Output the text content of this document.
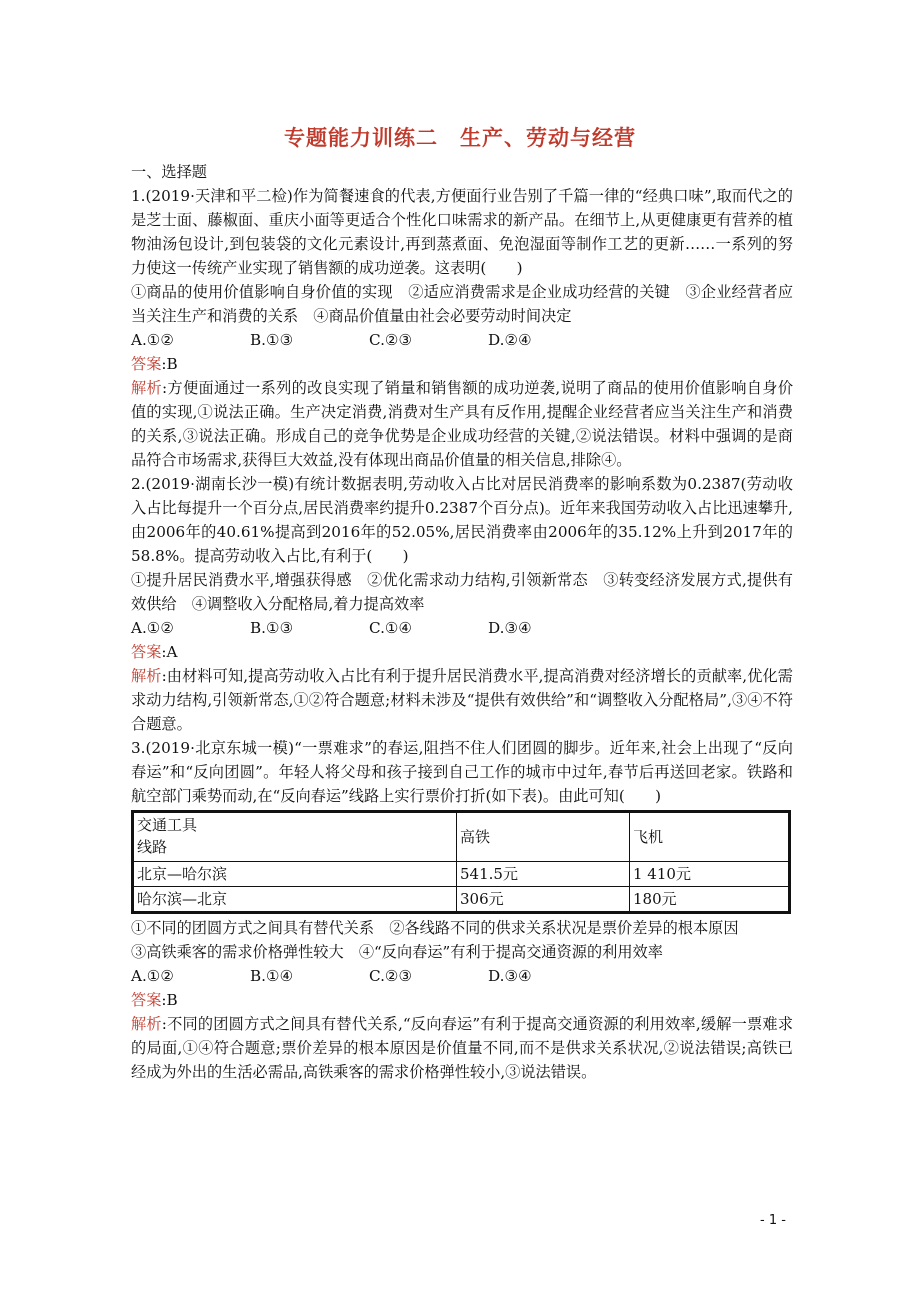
专题能力训练二　生产、劳动与经营

一、选择题

1.(2019·天津和平二检)作为简餐速食的代表,方便面行业告别了千篇一律的“经典口味”,取而代之的是芝士面、藤椒面、重庆小面等更适合个性化口味需求的新产品。在细节上,从更健康更有营养的植物油汤包设计,到包装袋的文化元素设计,再到蒸煮面、免泡湿面等制作工艺的更新……一系列的努力使这一传统产业实现了销售额的成功逆袭。这表明(　　)

①商品的使用价值影响自身价值的实现　②适应消费需求是企业成功经营的关键　③企业经营者应当关注生产和消费的关系　④商品价值量由社会必要劳动时间决定

A.①②	B.①③	C.②③	D.②④

答案:B

解析:方便面通过一系列的改良实现了销量和销售额的成功逆袭,说明了商品的使用价值影响自身价值的实现,①说法正确。生产决定消费,消费对生产具有反作用,提醒企业经营者应当关注生产和消费的关系,③说法正确。形成自己的竞争优势是企业成功经营的关键,②说法错误。材料中强调的是商品符合市场需求,获得巨大效益,没有体现出商品价值量的相关信息,排除④。

2.(2019·湖南长沙一模)有统计数据表明,劳动收入占比对居民消费率的影响系数为0.2387(劳动收入占比每提升一个百分点,居民消费率约提升0.2387个百分点)。近年来我国劳动收入占比迅速攀升,由2006年的40.61%提高到2016年的52.05%,居民消费率由2006年的35.12%上升到2017年的58.8%。提高劳动收入占比,有利于(　　)

①提升居民消费水平,增强获得感　②优化需求动力结构,引领新常态　③转变经济发展方式,提供有效供给　④调整收入分配格局,着力提高效率

A.①②	B.①③	C.①④	D.③④

答案:A

解析:由材料可知,提高劳动收入占比有利于提升居民消费水平,提高消费对经济增长的贡献率,优化需求动力结构,引领新常态,①②符合题意;材料未涉及“提供有效供给”和“调整收入分配格局”,③④不符合题意。

3.(2019·北京东城一模)“一票难求”的春运,阻挡不住人们团圆的脚步。近年来,社会上出现了“反向春运”和“反向团圆”。年轻人将父母和孩子接到自己工作的城市中过年,春节后再送回老家。铁路和航空部门乘势而动,在“反向春运”线路上实行票价打折(如下表)。由此可知(　　)

交通工具
线路	高铁	飞机
北京—哈尔滨	541.5元	1 410元
哈尔滨—北京	306元	180元

①不同的团圆方式之间具有替代关系　②各线路不同的供求关系状况是票价差异的根本原因

③高铁乘客的需求价格弹性较大　④“反向春运”有利于提高交通资源的利用效率

A.①②	B.①④	C.②③	D.③④

答案:B

解析:不同的团圆方式之间具有替代关系,“反向春运”有利于提高交通资源的利用效率,缓解一票难求的局面,①④符合题意;票价差异的根本原因是价值量不同,而不是供求关系状况,②说法错误;高铁已经成为外出的生活必需品,高铁乘客的需求价格弹性较小,③说法错误。

- 1 -
